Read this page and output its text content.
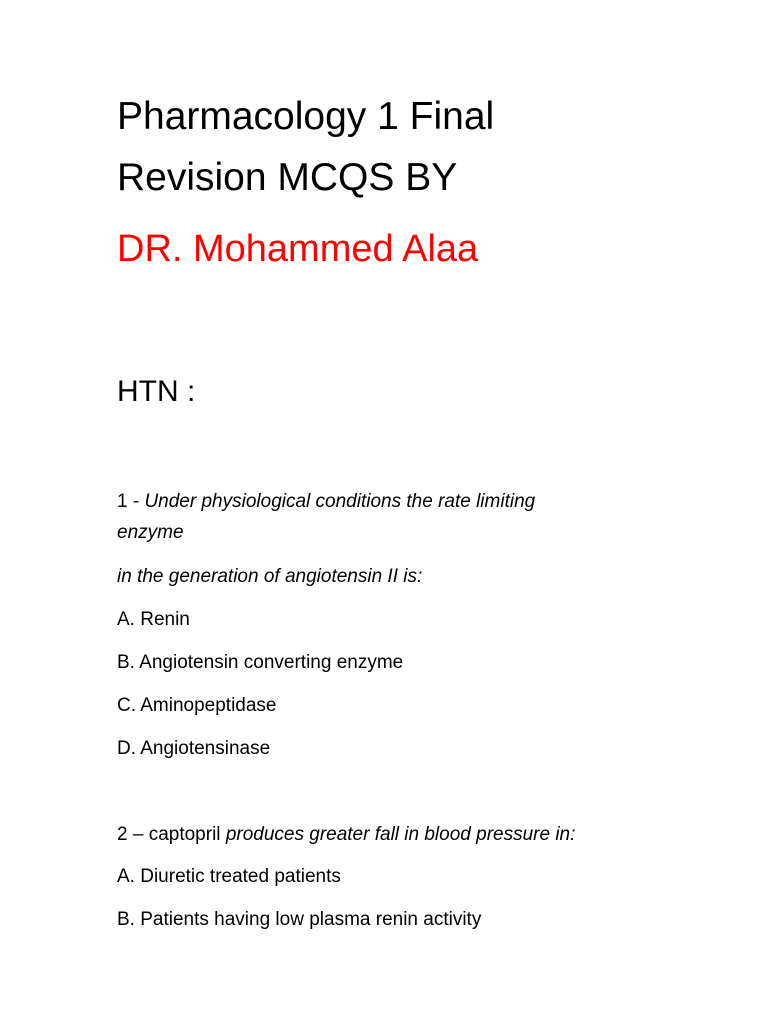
Pharmacology 1 Final
Revision MCQS BY
DR. Mohammed Alaa
HTN :

1 - Under physiological conditions the rate limiting

enzyme

in the generation of angiotensin II is:

A. Renin

B. Angiotensin converting enzyme

C. Aminopeptidase

D. Angiotensinase

2 – captopril produces greater fall in blood pressure in:

A. Diuretic treated patients

B. Patients having low plasma renin activity
